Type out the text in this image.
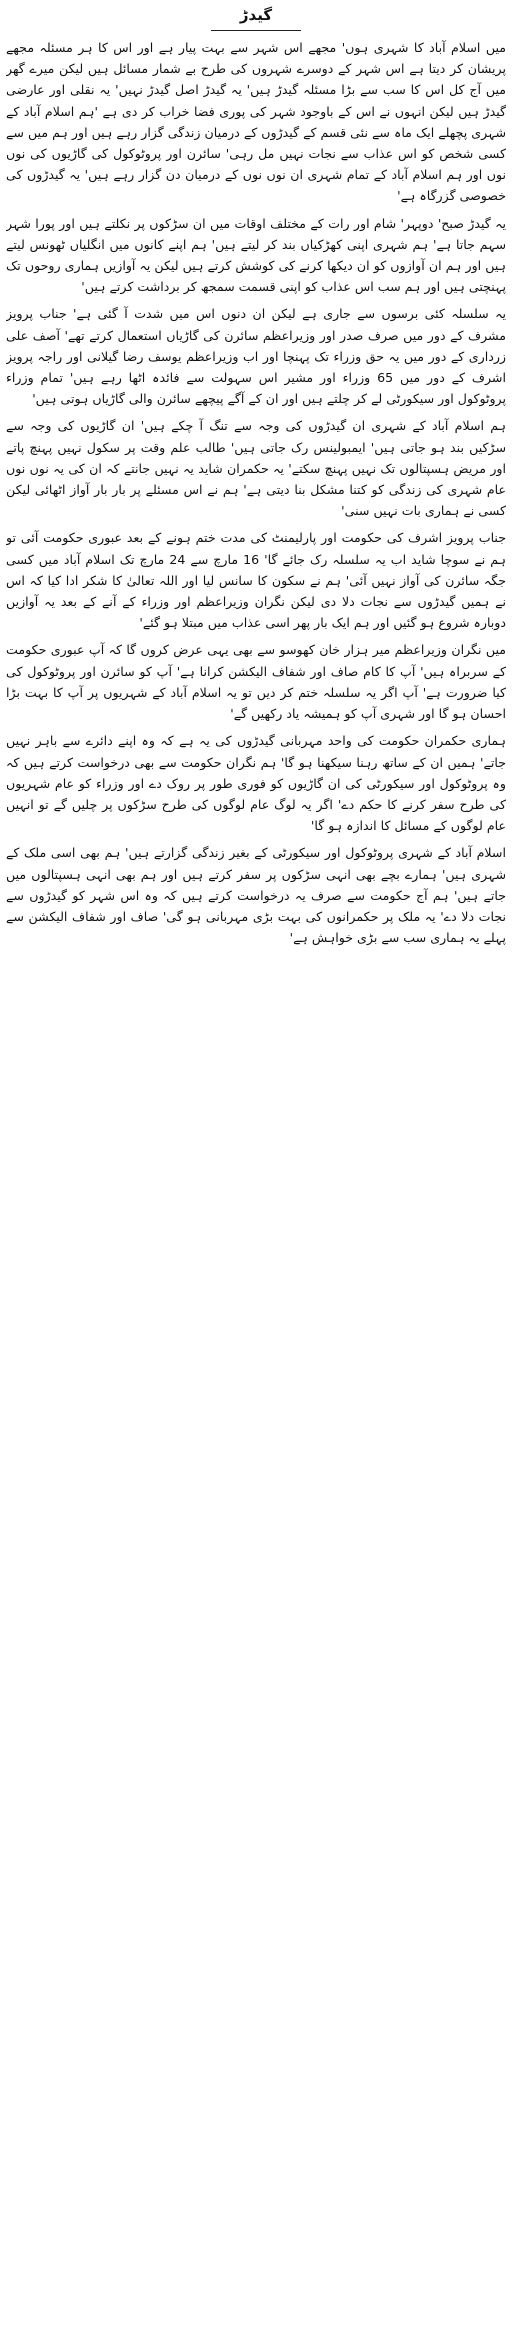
گیدڑ

میں اسلام آباد کا شہری ہوں' مجھے اس شہر سے بہت پیار ہے اور اس کا ہر مسئلہ مجھے پریشان کر دیتا ہے اس شہر کے دوسرے شہروں کی طرح بے شمار مسائل ہیں لیکن میرے گھر میں آج کل اس کا سب سے بڑا مسئلہ گیدڑ ہیں' یہ گیدڑ اصل گیدڑ نہیں' یہ نقلی اور عارضی گیدڑ ہیں لیکن انہوں نے اس کے باوجود شہر کی پوری فضا خراب کر دی ہے 'ہم اسلام آباد کے شہری پچھلے ایک ماہ سے نئی قسم کے گیدڑوں کے درمیان زندگی گزار رہے ہیں اور ہم میں سے کسی شخص کو اس عذاب سے نجات نہیں مل رہی' سائرن اور پروٹوکول کی گاڑیوں کی نوں نوں اور ہم اسلام آباد کے تمام شہری ان نوں نوں کے درمیان دن گزار رہے ہیں' یہ گیدڑوں کی خصوصی گزرگاہ ہے'

یہ گیدڑ صبح' دوپہر' شام اور رات کے مختلف اوقات میں ان سڑکوں پر نکلتے ہیں اور پورا شہر سہم جاتا ہے' ہم شہری اپنی کھڑکیاں بند کر لیتے ہیں' ہم اپنے کانوں میں انگلیاں ٹھونس لیتے ہیں اور ہم ان آوازوں کو ان دیکھا کرنے کی کوشش کرتے ہیں لیکن یہ آوازیں ہماری روحوں تک پہنچتی ہیں اور ہم سب اس عذاب کو اپنی قسمت سمجھ کر برداشت کرتے ہیں'

یہ سلسلہ کئی برسوں سے جاری ہے لیکن ان دنوں اس میں شدت آ گئی ہے' جناب پرویز مشرف کے دور میں صرف صدر اور وزیراعظم سائرن کی گاڑیاں استعمال کرتے تھے' آصف علی زرداری کے دور میں یہ حق وزراء تک پہنچا اور اب وزیراعظم یوسف رضا گیلانی اور راجہ پرویز اشرف کے دور میں 65 وزراء اور مشیر اس سہولت سے فائدہ اٹھا رہے ہیں' تمام وزراء پروٹوکول اور سیکورٹی لے کر چلتے ہیں اور ان کے آگے پیچھے سائرن والی گاڑیاں ہوتی ہیں'

ہم اسلام آباد کے شہری ان گیدڑوں کی وجہ سے تنگ آ چکے ہیں' ان گاڑیوں کی وجہ سے سڑکیں بند ہو جاتی ہیں' ایمبولینس رک جاتی ہیں' طالب علم وقت پر سکول نہیں پہنچ پاتے اور مریض ہسپتالوں تک نہیں پہنچ سکتے' یہ حکمران شاید یہ نہیں جانتے کہ ان کی یہ نوں نوں عام شہری کی زندگی کو کتنا مشکل بنا دیتی ہے' ہم نے اس مسئلے پر بار بار آواز اٹھائی لیکن کسی نے ہماری بات نہیں سنی'

جناب پرویز اشرف کی حکومت اور پارلیمنٹ کی مدت ختم ہونے کے بعد عبوری حکومت آئی تو ہم نے سوچا شاید اب یہ سلسلہ رک جائے گا' 16 مارچ سے 24 مارچ تک اسلام آباد میں کسی جگہ سائرن کی آواز نہیں آئی' ہم نے سکون کا سانس لیا اور اللہ تعالیٰ کا شکر ادا کیا کہ اس نے ہمیں گیدڑوں سے نجات دلا دی لیکن نگران وزیراعظم اور وزراء کے آنے کے بعد یہ آوازیں دوبارہ شروع ہو گئیں اور ہم ایک بار پھر اسی عذاب میں مبتلا ہو گئے'

میں نگران وزیراعظم میر ہزار خان کھوسو سے بھی یہی عرض کروں گا کہ آپ عبوری حکومت کے سربراہ ہیں' آپ کا کام صاف اور شفاف الیکشن کرانا ہے' آپ کو سائرن اور پروٹوکول کی کیا ضرورت ہے' آپ اگر یہ سلسلہ ختم کر دیں تو یہ اسلام آباد کے شہریوں پر آپ کا بہت بڑا احسان ہو گا اور شہری آپ کو ہمیشہ یاد رکھیں گے'

ہماری حکمران حکومت کی واحد مہربانی گیدڑوں کی یہ ہے کہ وہ اپنے دائرے سے باہر نہیں جاتے' ہمیں ان کے ساتھ رہنا سیکھنا ہو گا' ہم نگران حکومت سے بھی درخواست کرتے ہیں کہ وہ پروٹوکول اور سیکورٹی کی ان گاڑیوں کو فوری طور پر روک دے اور وزراء کو عام شہریوں کی طرح سفر کرنے کا حکم دے' اگر یہ لوگ عام لوگوں کی طرح سڑکوں پر چلیں گے تو انہیں عام لوگوں کے مسائل کا اندازہ ہو گا'

اسلام آباد کے شہری پروٹوکول اور سیکورٹی کے بغیر زندگی گزارتے ہیں' ہم بھی اسی ملک کے شہری ہیں' ہمارے بچے بھی انہی سڑکوں پر سفر کرتے ہیں اور ہم بھی انہی ہسپتالوں میں جاتے ہیں' ہم آج حکومت سے صرف یہ درخواست کرتے ہیں کہ وہ اس شہر کو گیدڑوں سے نجات دلا دے' یہ ملک پر حکمرانوں کی بہت بڑی مہربانی ہو گی' صاف اور شفاف الیکشن سے پہلے یہ ہماری سب سے بڑی خواہش ہے'
